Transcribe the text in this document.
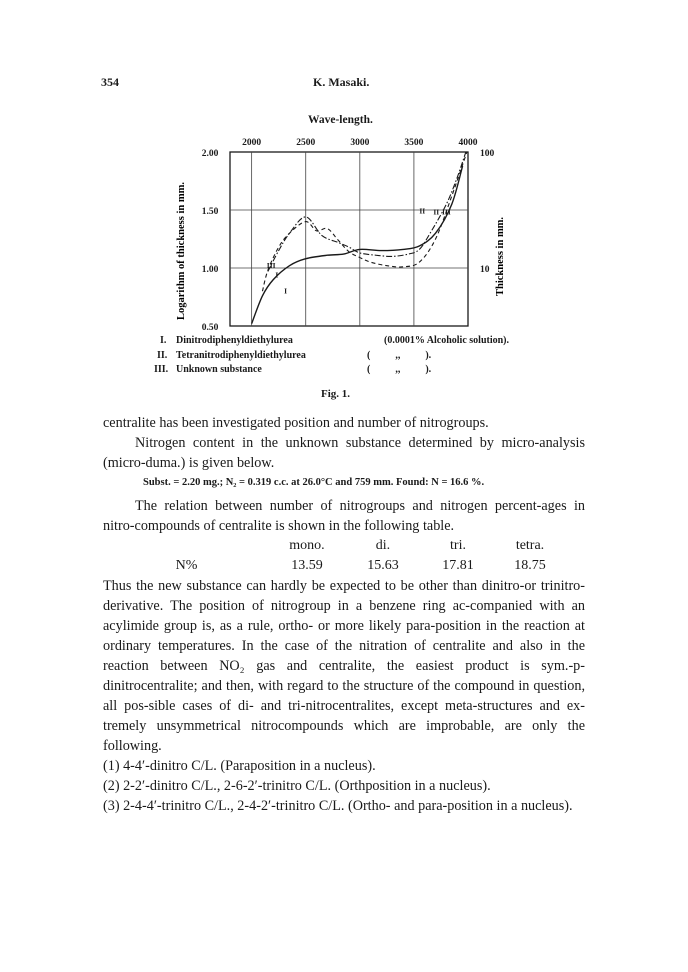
354	K. Masaki.
Wave-length.
2000	2500	3000	3500	4000
0.50
1.00
1.50
2.00
10
100
I
II
III
I
II III
Logarithm of thickness in mm.	Thickness in mm.
I. Dinitrodiphenyldiethylurea	(0.0001% Alcoholic solution).
II. Tetranitrodiphenyldiethylurea	(          ,,          ).
III. Unknown substance	(          ,,          ).
Fig. 1.

centralite has been investigated position and number of nitrogroups.

Nitrogen content in the unknown substance determined by micro-analysis (micro-duma.) is given below.

Subst. = 2.20 mg.; N₂ = 0.319 c.c. at 26.0°C and 759 mm. Found: N = 16.6 %.

The relation between number of nitrogroups and nitrogen percent-ages in nitro-compounds of centralite is shown in the following table.

	mono.	di.	tri.	tetra.
N%	13.59	15.63	17.81	18.75

Thus the new substance can hardly be expected to be other than dinitro-or trinitro-derivative. The position of nitrogroup in a benzene ring ac-companied with an acylimide group is, as a rule, ortho- or more likely para-position in the reaction at ordinary temperatures. In the case of the nitration of centralite and also in the reaction between NO₂ gas and centralite, the easiest product is sym.-p-dinitrocentralite; and then, with regard to the structure of the compound in question, all pos-sible cases of di- and tri-nitrocentralites, except meta-structures and ex-tremely unsymmetrical nitrocompounds which are improbable, are only the following.

(1) 4-4′-dinitro C/L. (Paraposition in a nucleus).

(2) 2-2′-dinitro C/L., 2-6-2′-trinitro C/L. (Orthposition in a nucleus).

(3) 2-4-4′-trinitro C/L., 2-4-2′-trinitro C/L. (Ortho- and para-position in a nucleus).
